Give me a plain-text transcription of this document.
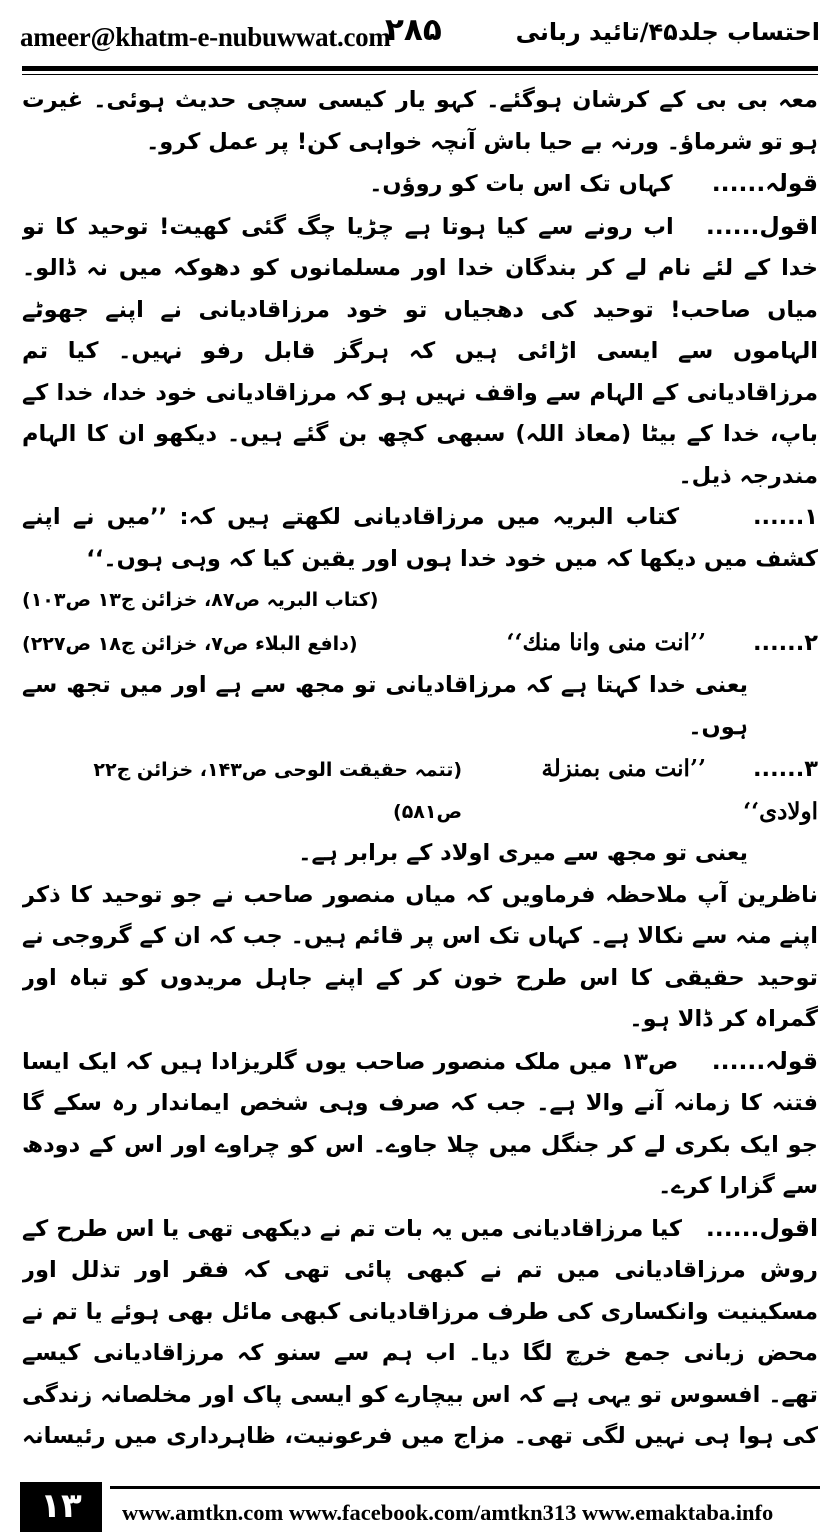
ameer@khatm-e-nubuwwat.com
۲۸۵	احتساب جلد۴۵/تائید ربانی

معہ بی بی کے کرشان ہوگئے۔ کہو یار کیسی سچی حدیث ہوئی۔ غیرت ہو تو شرماؤ۔ ورنہ بے حیا باش آنچہ خواہی کن! پر عمل کرو۔

قولہ......     کہاں تک اس بات کو روؤں۔

اقول......   اب رونے سے کیا ہوتا ہے چڑیا چگ گئی کھیت! توحید کا تو خدا کے لئے نام لے کر بندگان خدا اور مسلمانوں کو دھوکہ میں نہ ڈالو۔ میاں صاحب! توحید کی دھجیاں تو خود مرزاقادیانی نے اپنے جھوٹے الہاموں سے ایسی اڑائی ہیں کہ ہرگز قابل رفو نہیں۔ کیا تم مرزاقادیانی کے الہام سے واقف نہیں ہو کہ مرزاقادیانی خود خدا، خدا کے باپ، خدا کے بیٹا (معاذ اللہ) سبھی کچھ بن گئے ہیں۔ دیکھو ان کا الہام مندرجہ ذیل۔

۱......      کتاب البریہ میں مرزاقادیانی لکھتے ہیں کہ: ’’میں نے اپنے کشف میں دیکھا کہ میں خود خدا ہوں اور یقین کیا کہ وہی ہوں۔‘‘

(کتاب البریہ ص۸۷، خزائن ج۱۳ ص۱۰۳)
۲......      ’’انت منی وانا منك‘‘
(دافع البلاء ص۷، خزائن ج۱۸ ص۲۲۷)

یعنی خدا کہتا ہے کہ مرزاقادیانی تو مجھ سے ہے اور میں تجھ سے ہوں۔

۳......      ’’انت منی بمنزلة اولادی‘‘
(تتمہ حقیقت الوحی ص۱۴۳، خزائن ج۲۲ ص۵۸۱)

یعنی تو مجھ سے میری اولاد کے برابر ہے۔

ناظرین آپ ملاحظہ فرماویں کہ میاں منصور صاحب نے جو توحید کا ذکر اپنے منہ سے نکالا ہے۔ کہاں تک اس پر قائم ہیں۔ جب کہ ان کے گروجی نے توحید حقیقی کا اس طرح خون کر کے اپنے جاہل مریدوں کو تباہ اور گمراہ کر ڈالا ہو۔

قولہ......    ص۱۳ میں ملک منصور صاحب یوں گلریزادا ہیں کہ ایک ایسا فتنہ کا زمانہ آنے والا ہے۔ جب کہ صرف وہی شخص ایماندار رہ سکے گا جو ایک بکری لے کر جنگل میں چلا جاوے۔ اس کو چراوے اور اس کے دودھ سے گزارا کرے۔

اقول......   کیا مرزاقادیانی میں یہ بات تم نے دیکھی تھی یا اس طرح کے روش مرزاقادیانی میں تم نے کبھی پائی تھی کہ فقر اور تذلل اور مسکینیت وانکساری کی طرف مرزاقادیانی کبھی مائل بھی ہوئے یا تم نے محض زبانی جمع خرچ لگا دیا۔ اب ہم سے سنو کہ مرزاقادیانی کیسے تھے۔ افسوس تو یہی ہے کہ اس بیچارے کو ایسی پاک اور مخلصانہ زندگی کی ہوا ہی نہیں لگی تھی۔ مزاج میں فرعونیت، ظاہرداری میں رئیسانہ

۱۳	www.amtkn.com www.facebook.com/amtkn313 www.emaktaba.info
